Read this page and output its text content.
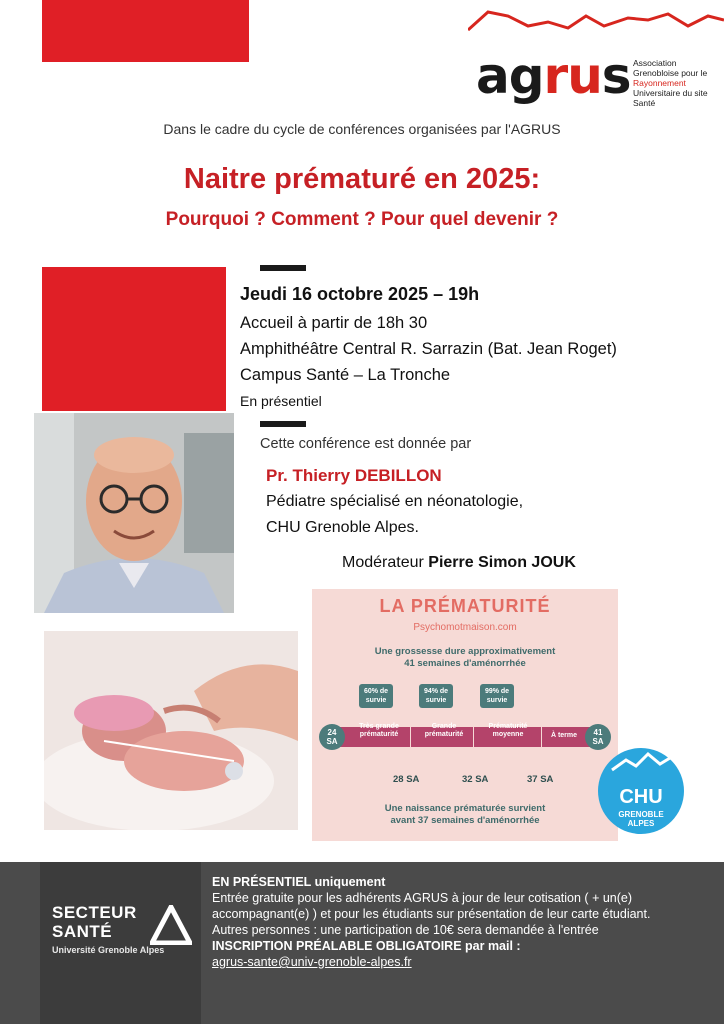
agrus Association
Grenobloise pour le
Rayonnement
Universitaire du site
Santé
Dans le cadre du cycle de conférences organisées par l'AGRUS
Naitre prématuré en 2025:
Pourquoi ? Comment ? Pour quel devenir ?
Jeudi 16 octobre 2025 – 19h
Accueil à partir de 18h 30
Amphithéâtre Central R. Sarrazin (Bat. Jean Roget)
Campus Santé – La Tronche
En présentiel
Cette conférence est donnée par
Pr. Thierry DEBILLON
Pédiatre spécialisé en néonatologie,
CHU Grenoble Alpes.
Modérateur Pierre Simon JOUK
LA PRÉMATURITÉ
Psychomotmaison.com
Une grossesse dure approximativement
41 semaines d'aménorrhée
60% de
survie
94% de
survie
99% de
survie
24
SA
41
SA
Très grande
prématurité
Grande
prématurité
Prématurité
moyenne	À terme
28 SA	32 SA	37 SA
Une naissance prématurée survient
avant 37 semaines d'aménorrhée
CHU
GRENOBLE
ALPES
SECTEUR
SANTÉ
Université Grenoble Alpes

EN PRÉSENTIEL uniquement

Entrée gratuite pour les adhérents AGRUS à jour de leur cotisation ( + un(e) accompagnant(e) ) et pour les étudiants sur présentation de leur carte étudiant.

Autres personnes : une participation de 10€ sera demandée à l'entrée

INSCRIPTION PRÉALABLE OBLIGATOIRE par mail :

agrus-sante@univ-grenoble-alpes.fr
